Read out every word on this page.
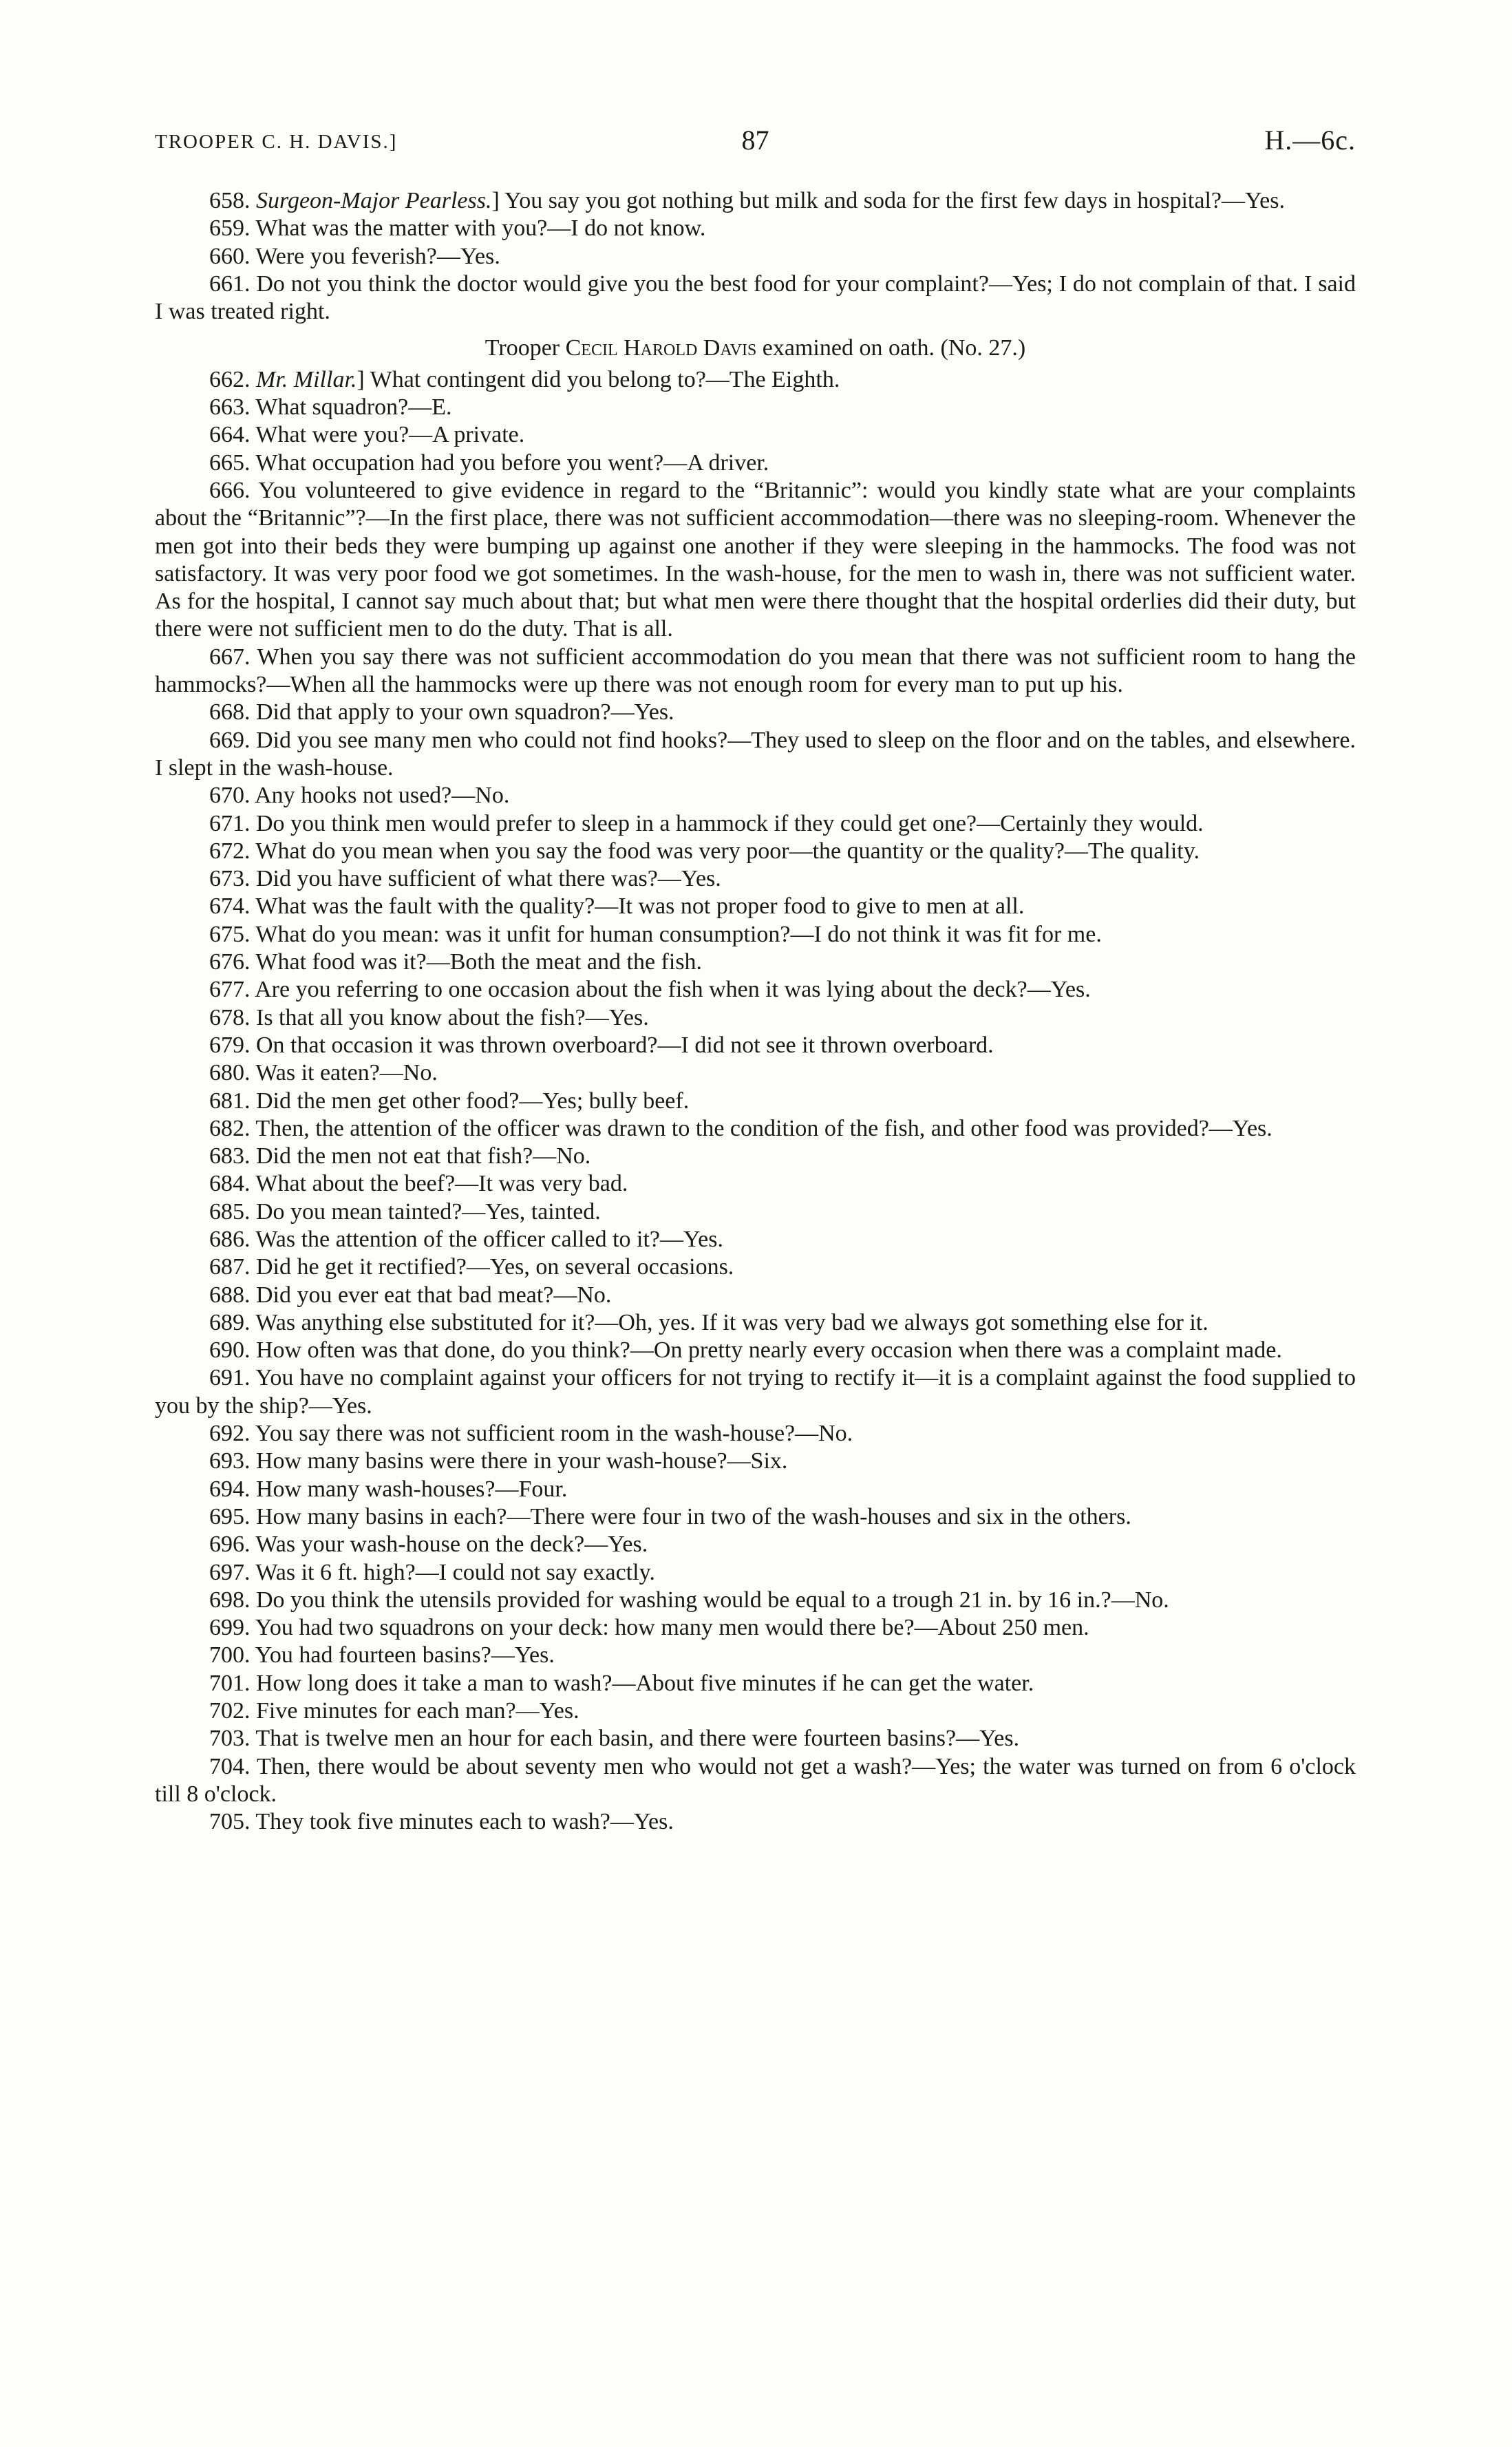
TROOPER C. H. DAVIS.]	87	H.—6c.
658. Surgeon-Major Pearless.] You say you got nothing but milk and soda for the first few days in hospital?—Yes.
659. What was the matter with you?—I do not know.
660. Were you feverish?—Yes.
661. Do not you think the doctor would give you the best food for your complaint?—Yes; I do not complain of that. I said I was treated right.
Trooper Cecil Harold Davis examined on oath. (No. 27.)
662. Mr. Millar.] What contingent did you belong to?—The Eighth.
663. What squadron?—E.
664. What were you?—A private.
665. What occupation had you before you went?—A driver.
666. You volunteered to give evidence in regard to the “Britannic”: would you kindly state what are your complaints about the “Britannic”?—In the first place, there was not sufficient accommodation—there was no sleeping-room. Whenever the men got into their beds they were bumping up against one another if they were sleeping in the hammocks. The food was not satisfactory. It was very poor food we got sometimes. In the wash-house, for the men to wash in, there was not sufficient water. As for the hospital, I cannot say much about that; but what men were there thought that the hospital orderlies did their duty, but there were not sufficient men to do the duty. That is all.
667. When you say there was not sufficient accommodation do you mean that there was not sufficient room to hang the hammocks?—When all the hammocks were up there was not enough room for every man to put up his.
668. Did that apply to your own squadron?—Yes.
669. Did you see many men who could not find hooks?—They used to sleep on the floor and on the tables, and elsewhere. I slept in the wash-house.
670. Any hooks not used?—No.
671. Do you think men would prefer to sleep in a hammock if they could get one?—Certainly they would.
672. What do you mean when you say the food was very poor—the quantity or the quality?—The quality.
673. Did you have sufficient of what there was?—Yes.
674. What was the fault with the quality?—It was not proper food to give to men at all.
675. What do you mean: was it unfit for human consumption?—I do not think it was fit for me.
676. What food was it?—Both the meat and the fish.
677. Are you referring to one occasion about the fish when it was lying about the deck?—Yes.
678. Is that all you know about the fish?—Yes.
679. On that occasion it was thrown overboard?—I did not see it thrown overboard.
680. Was it eaten?—No.
681. Did the men get other food?—Yes; bully beef.
682. Then, the attention of the officer was drawn to the condition of the fish, and other food was provided?—Yes.
683. Did the men not eat that fish?—No.
684. What about the beef?—It was very bad.
685. Do you mean tainted?—Yes, tainted.
686. Was the attention of the officer called to it?—Yes.
687. Did he get it rectified?—Yes, on several occasions.
688. Did you ever eat that bad meat?—No.
689. Was anything else substituted for it?—Oh, yes. If it was very bad we always got something else for it.
690. How often was that done, do you think?—On pretty nearly every occasion when there was a complaint made.
691. You have no complaint against your officers for not trying to rectify it—it is a complaint against the food supplied to you by the ship?—Yes.
692. You say there was not sufficient room in the wash-house?—No.
693. How many basins were there in your wash-house?—Six.
694. How many wash-houses?—Four.
695. How many basins in each?—There were four in two of the wash-houses and six in the others.
696. Was your wash-house on the deck?—Yes.
697. Was it 6 ft. high?—I could not say exactly.
698. Do you think the utensils provided for washing would be equal to a trough 21 in. by 16 in.?—No.
699. You had two squadrons on your deck: how many men would there be?—About 250 men.
700. You had fourteen basins?—Yes.
701. How long does it take a man to wash?—About five minutes if he can get the water.
702. Five minutes for each man?—Yes.
703. That is twelve men an hour for each basin, and there were fourteen basins?—Yes.
704. Then, there would be about seventy men who would not get a wash?—Yes; the water was turned on from 6 o'clock till 8 o'clock.
705. They took five minutes each to wash?—Yes.
